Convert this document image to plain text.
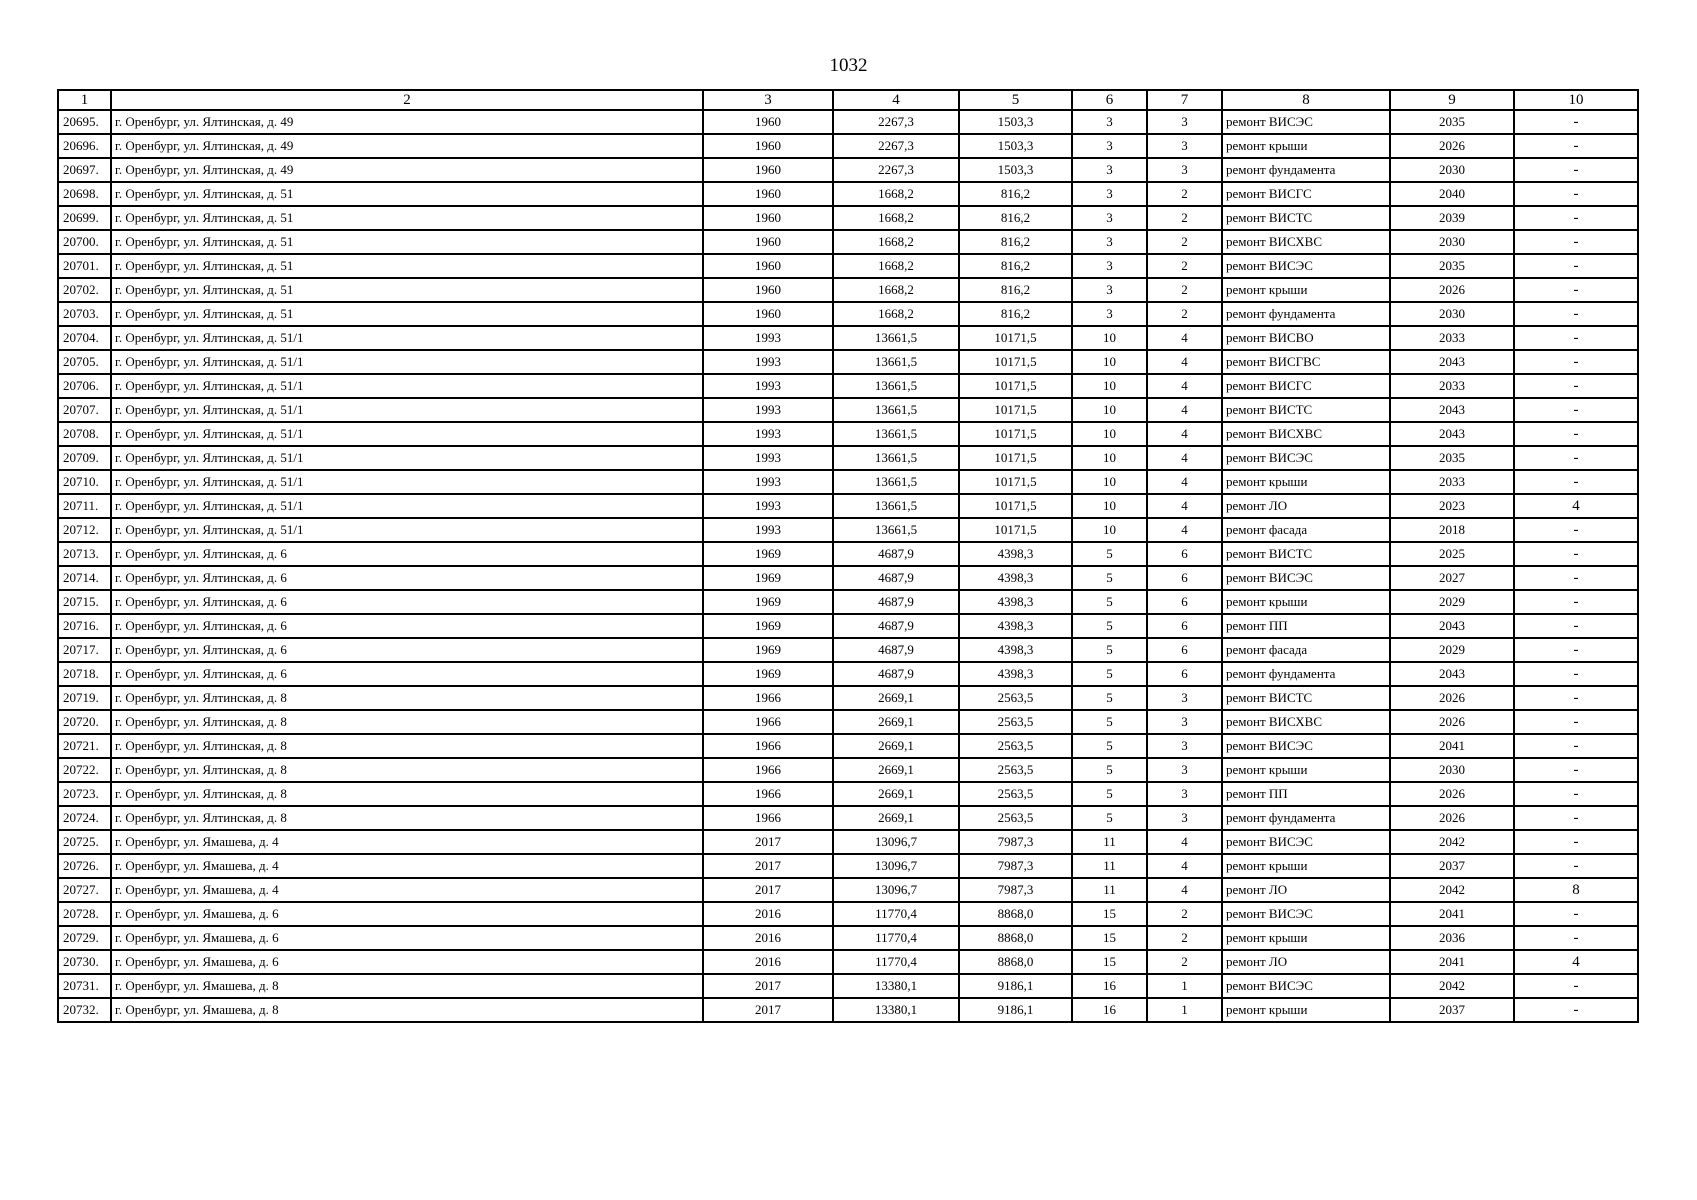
1032
1	2	3	4	5	6	7	8	9	10
20695.	г. Оренбург, ул. Ялтинская, д. 49	1960	2267,3	1503,3	3	3	ремонт ВИСЭС	2035	-
20696.	г. Оренбург, ул. Ялтинская, д. 49	1960	2267,3	1503,3	3	3	ремонт крыши	2026	-
20697.	г. Оренбург, ул. Ялтинская, д. 49	1960	2267,3	1503,3	3	3	ремонт фундамента	2030	-
20698.	г. Оренбург, ул. Ялтинская, д. 51	1960	1668,2	816,2	3	2	ремонт ВИСГС	2040	-
20699.	г. Оренбург, ул. Ялтинская, д. 51	1960	1668,2	816,2	3	2	ремонт ВИСТС	2039	-
20700.	г. Оренбург, ул. Ялтинская, д. 51	1960	1668,2	816,2	3	2	ремонт ВИСХВС	2030	-
20701.	г. Оренбург, ул. Ялтинская, д. 51	1960	1668,2	816,2	3	2	ремонт ВИСЭС	2035	-
20702.	г. Оренбург, ул. Ялтинская, д. 51	1960	1668,2	816,2	3	2	ремонт крыши	2026	-
20703.	г. Оренбург, ул. Ялтинская, д. 51	1960	1668,2	816,2	3	2	ремонт фундамента	2030	-
20704.	г. Оренбург, ул. Ялтинская, д. 51/1	1993	13661,5	10171,5	10	4	ремонт ВИСВО	2033	-
20705.	г. Оренбург, ул. Ялтинская, д. 51/1	1993	13661,5	10171,5	10	4	ремонт ВИСГВС	2043	-
20706.	г. Оренбург, ул. Ялтинская, д. 51/1	1993	13661,5	10171,5	10	4	ремонт ВИСГС	2033	-
20707.	г. Оренбург, ул. Ялтинская, д. 51/1	1993	13661,5	10171,5	10	4	ремонт ВИСТС	2043	-
20708.	г. Оренбург, ул. Ялтинская, д. 51/1	1993	13661,5	10171,5	10	4	ремонт ВИСХВС	2043	-
20709.	г. Оренбург, ул. Ялтинская, д. 51/1	1993	13661,5	10171,5	10	4	ремонт ВИСЭС	2035	-
20710.	г. Оренбург, ул. Ялтинская, д. 51/1	1993	13661,5	10171,5	10	4	ремонт крыши	2033	-
20711.	г. Оренбург, ул. Ялтинская, д. 51/1	1993	13661,5	10171,5	10	4	ремонт ЛО	2023	4
20712.	г. Оренбург, ул. Ялтинская, д. 51/1	1993	13661,5	10171,5	10	4	ремонт фасада	2018	-
20713.	г. Оренбург, ул. Ялтинская, д. 6	1969	4687,9	4398,3	5	6	ремонт ВИСТС	2025	-
20714.	г. Оренбург, ул. Ялтинская, д. 6	1969	4687,9	4398,3	5	6	ремонт ВИСЭС	2027	-
20715.	г. Оренбург, ул. Ялтинская, д. 6	1969	4687,9	4398,3	5	6	ремонт крыши	2029	-
20716.	г. Оренбург, ул. Ялтинская, д. 6	1969	4687,9	4398,3	5	6	ремонт ПП	2043	-
20717.	г. Оренбург, ул. Ялтинская, д. 6	1969	4687,9	4398,3	5	6	ремонт фасада	2029	-
20718.	г. Оренбург, ул. Ялтинская, д. 6	1969	4687,9	4398,3	5	6	ремонт фундамента	2043	-
20719.	г. Оренбург, ул. Ялтинская, д. 8	1966	2669,1	2563,5	5	3	ремонт ВИСТС	2026	-
20720.	г. Оренбург, ул. Ялтинская, д. 8	1966	2669,1	2563,5	5	3	ремонт ВИСХВС	2026	-
20721.	г. Оренбург, ул. Ялтинская, д. 8	1966	2669,1	2563,5	5	3	ремонт ВИСЭС	2041	-
20722.	г. Оренбург, ул. Ялтинская, д. 8	1966	2669,1	2563,5	5	3	ремонт крыши	2030	-
20723.	г. Оренбург, ул. Ялтинская, д. 8	1966	2669,1	2563,5	5	3	ремонт ПП	2026	-
20724.	г. Оренбург, ул. Ялтинская, д. 8	1966	2669,1	2563,5	5	3	ремонт фундамента	2026	-
20725.	г. Оренбург, ул. Ямашева, д. 4	2017	13096,7	7987,3	11	4	ремонт ВИСЭС	2042	-
20726.	г. Оренбург, ул. Ямашева, д. 4	2017	13096,7	7987,3	11	4	ремонт крыши	2037	-
20727.	г. Оренбург, ул. Ямашева, д. 4	2017	13096,7	7987,3	11	4	ремонт ЛО	2042	8
20728.	г. Оренбург, ул. Ямашева, д. 6	2016	11770,4	8868,0	15	2	ремонт ВИСЭС	2041	-
20729.	г. Оренбург, ул. Ямашева, д. 6	2016	11770,4	8868,0	15	2	ремонт крыши	2036	-
20730.	г. Оренбург, ул. Ямашева, д. 6	2016	11770,4	8868,0	15	2	ремонт ЛО	2041	4
20731.	г. Оренбург, ул. Ямашева, д. 8	2017	13380,1	9186,1	16	1	ремонт ВИСЭС	2042	-
20732.	г. Оренбург, ул. Ямашева, д. 8	2017	13380,1	9186,1	16	1	ремонт крыши	2037	-
